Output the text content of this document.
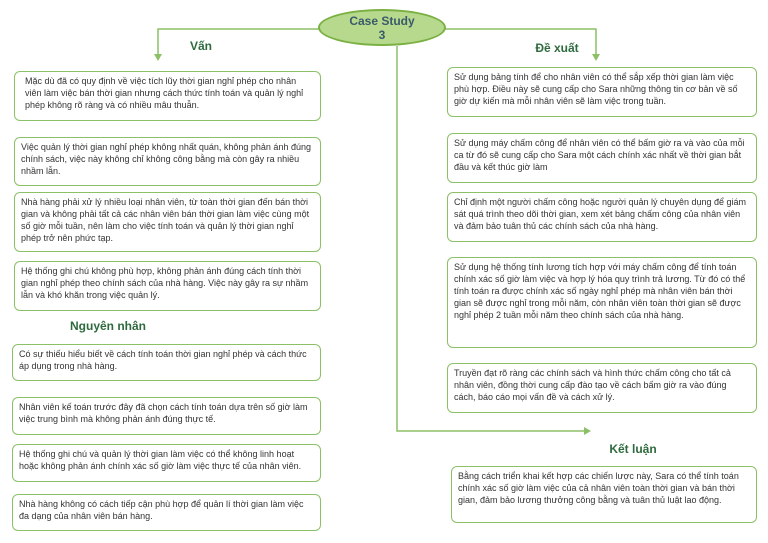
Case Study
3
Vấn	Đề xuất
Nguyên nhân
Kết luận
Mặc dù đã có quy định về việc tích lũy thời gian nghỉ phép cho nhân viên làm việc bán thời gian nhưng cách thức tính toán và quản lý nghỉ phép không rõ ràng và có nhiều mâu thuẫn.
Việc quản lý thời gian nghỉ phép không nhất quán, không phản ánh đúng chính sách, việc này không chỉ không công bằng mà còn gây ra nhiều nhầm lẫn.
Nhà hàng phải xử lý nhiều loại nhân viên, từ toàn thời gian đến bán thời gian và không phải tất cả các nhân viên bán thời gian làm việc cùng một số giờ mỗi tuần, nên làm cho việc tính toán và quản lý thời gian nghỉ phép trở nên phức tạp.
Hệ thống ghi chú không phù hợp, không phản ánh đúng cách tính thời gian nghỉ phép theo chính sách của nhà hàng. Việc này gây ra sự nhầm lẫn và khó khăn trong việc quản lý.
Có sự thiếu hiểu biết về cách tính toán thời gian nghỉ phép và cách thức áp dụng trong nhà hàng.
Nhân viên kế toán trước đây đã chọn cách tính toán dựa trên số giờ làm việc trung bình mà không phản ánh đúng thực tế.
Hệ thống ghi chú và quản lý thời gian làm việc có thể không linh hoạt hoặc không phản ánh chính xác số giờ làm việc thực tế của nhân viên.
Nhà hàng không có cách tiếp cận phù hợp để quản lí thời gian làm việc đa dạng của nhân viên bán hàng.
Sử dụng bảng tính để cho nhân viên có thể sắp xếp thời gian làm việc phù hợp. Điều này sẽ cung cấp cho Sara những thông tin cơ bản về số giờ dự kiến mà mỗi nhân viên sẽ làm việc trong tuần.
Sử dụng máy chấm công để nhân viên có thể bấm giờ ra và vào của mỗi ca từ đó sẽ cung cấp cho Sara một cách chính xác nhất về thời gian bắt đầu và kết thúc giờ làm
Chỉ định một người chấm công hoặc người quản lý chuyên dụng để giám sát quá trình theo dõi thời gian, xem xét bảng chấm công của nhân viên và đảm bảo tuân thủ các chính sách của nhà hàng.
Sử dụng hệ thống tính lương tích hợp với máy chấm công để tính toán chính xác số giờ làm việc và hợp lý hóa quy trình trả lương. Từ đó có thể tính toán ra được chính xác số ngày nghỉ phép mà nhân viên bán thời gian sẽ được nghỉ trong mỗi năm, còn nhân viên toàn thời gian sẽ được nghỉ phép 2 tuần mỗi năm theo chính sách của nhà hàng.
Truyền đạt rõ ràng các chính sách và hình thức chấm công cho tất cả nhân viên, đồng thời cung cấp đào tạo về cách bấm giờ ra vào đúng cách, báo cáo mọi vấn đề và cách xử lý.
Bằng cách triển khai kết hợp các chiến lược này, Sara có thể tính toán chính xác số giờ làm việc của cả nhân viên toàn thời gian và bán thời gian, đảm bảo lương thưởng công bằng và tuân thủ luật lao động.
